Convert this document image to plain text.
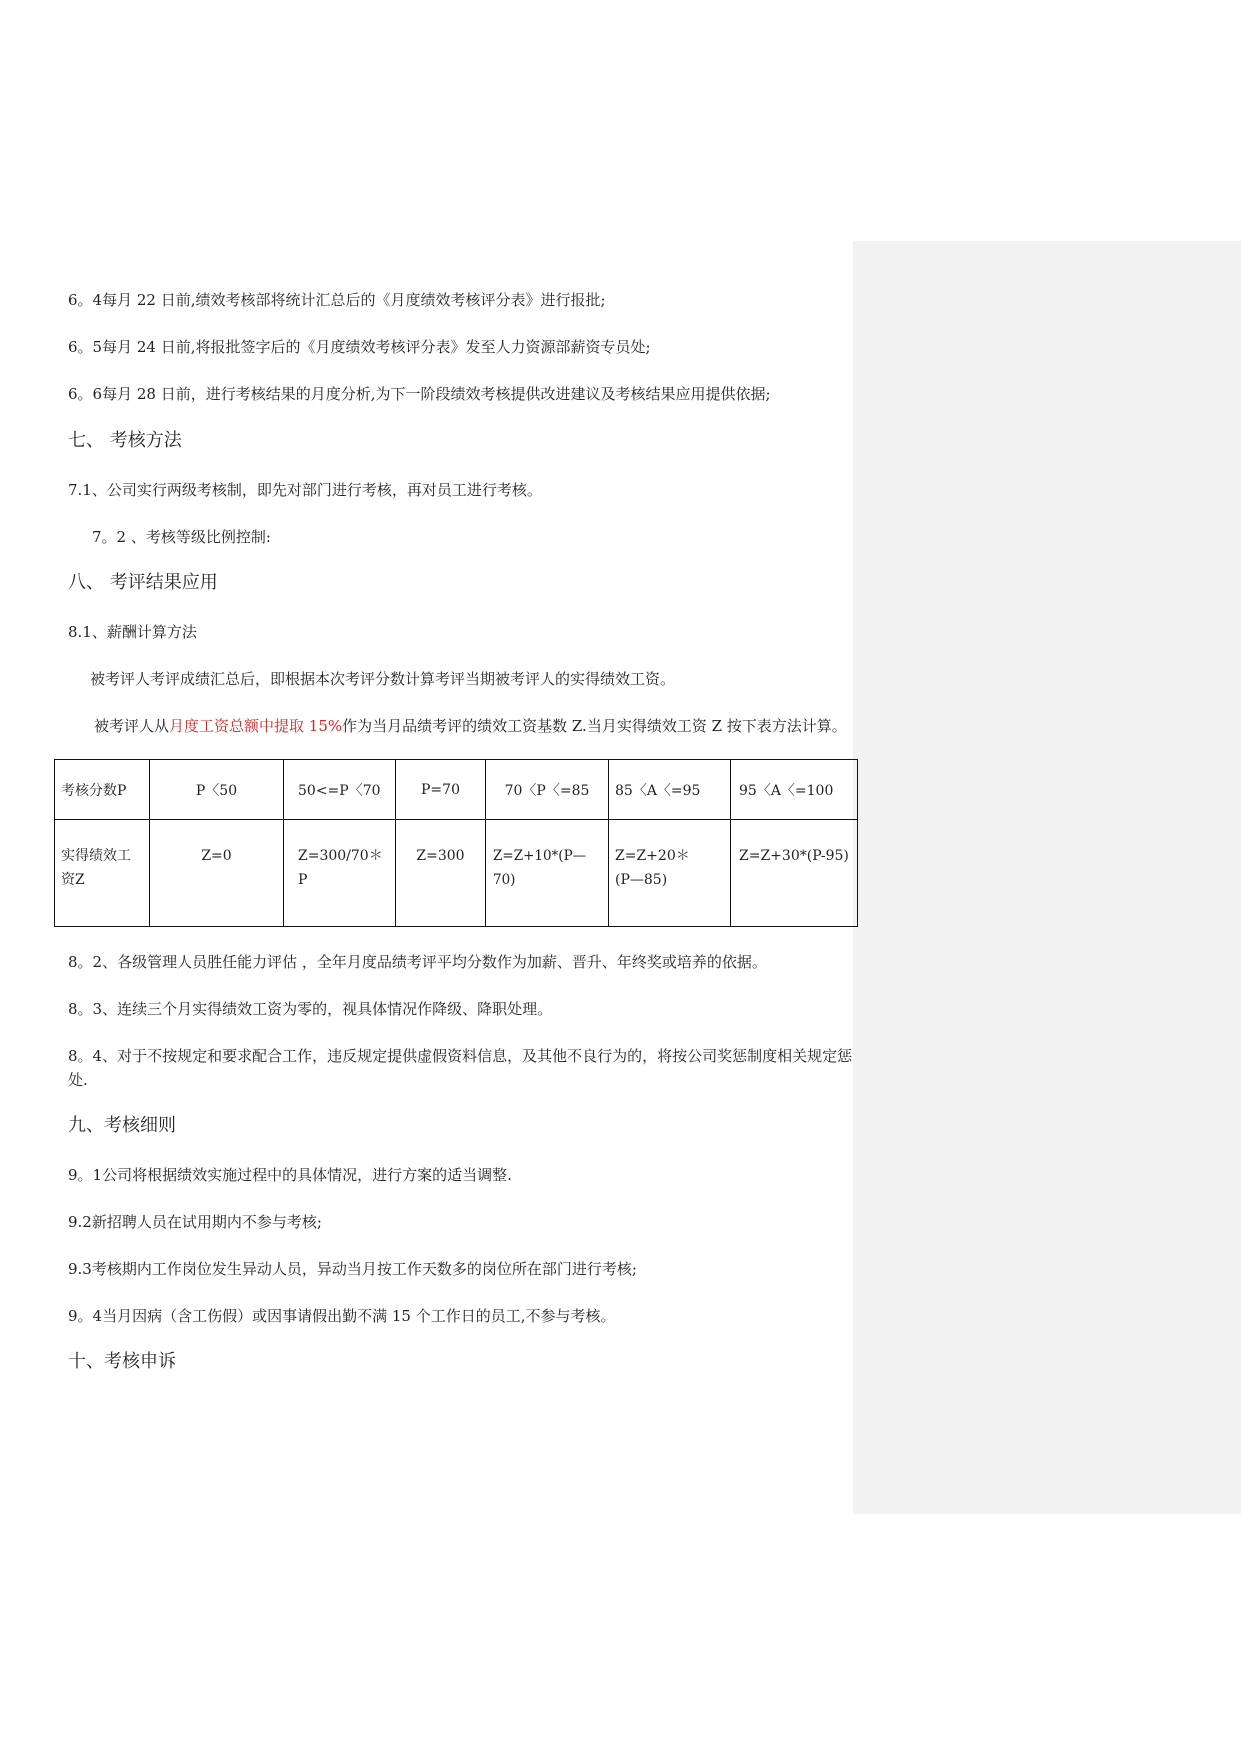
6。4每月 22 日前,绩效考核部将统计汇总后的《月度绩效考核评分表》进行报批;
6。5每月 24 日前,将报批签字后的《月度绩效考核评分表》发至人力资源部薪资专员处;
6。6每月 28 日前，进行考核结果的月度分析,为下一阶段绩效考核提供改进建议及考核结果应用提供依据;
七、 考核方法
7.1、公司实行两级考核制，即先对部门进行考核，再对员工进行考核。
7。2 、考核等级比例控制:
八、 考评结果应用
8.1、薪酬计算方法
被考评人考评成绩汇总后，即根据本次考评分数计算考评当期被考评人的实得绩效工资。
被考评人从月度工资总额中提取 15%作为当月品绩考评的绩效工资基数 Z.当月实得绩效工资 Z 按下表方法计算。
考核分数P	P〈50	50<=P〈70	P=70	70〈P〈=85	85〈A〈=95	95〈A〈=100
实得绩效工资Z	Z=0	Z=300/70＊P	Z=300	Z=Z+10*(P—70)	Z=Z+20＊(P—85)	Z=Z+30*(P-95)
8。2、各级管理人员胜任能力评估 ，全年月度品绩考评平均分数作为加薪、晋升、年终奖或培养的依据。
8。3、连续三个月实得绩效工资为零的，视具体情况作降级、降职处理。
8。4、对于不按规定和要求配合工作，违反规定提供虚假资料信息，及其他不良行为的，将按公司奖惩制度相关规定惩处.
九、考核细则
9。1公司将根据绩效实施过程中的具体情况，进行方案的适当调整.
9.2新招聘人员在试用期内不参与考核;
9.3考核期内工作岗位发生异动人员，异动当月按工作天数多的岗位所在部门进行考核;
9。4当月因病（含工伤假）或因事请假出勤不满 15 个工作日的员工,不参与考核。
十、考核申诉
